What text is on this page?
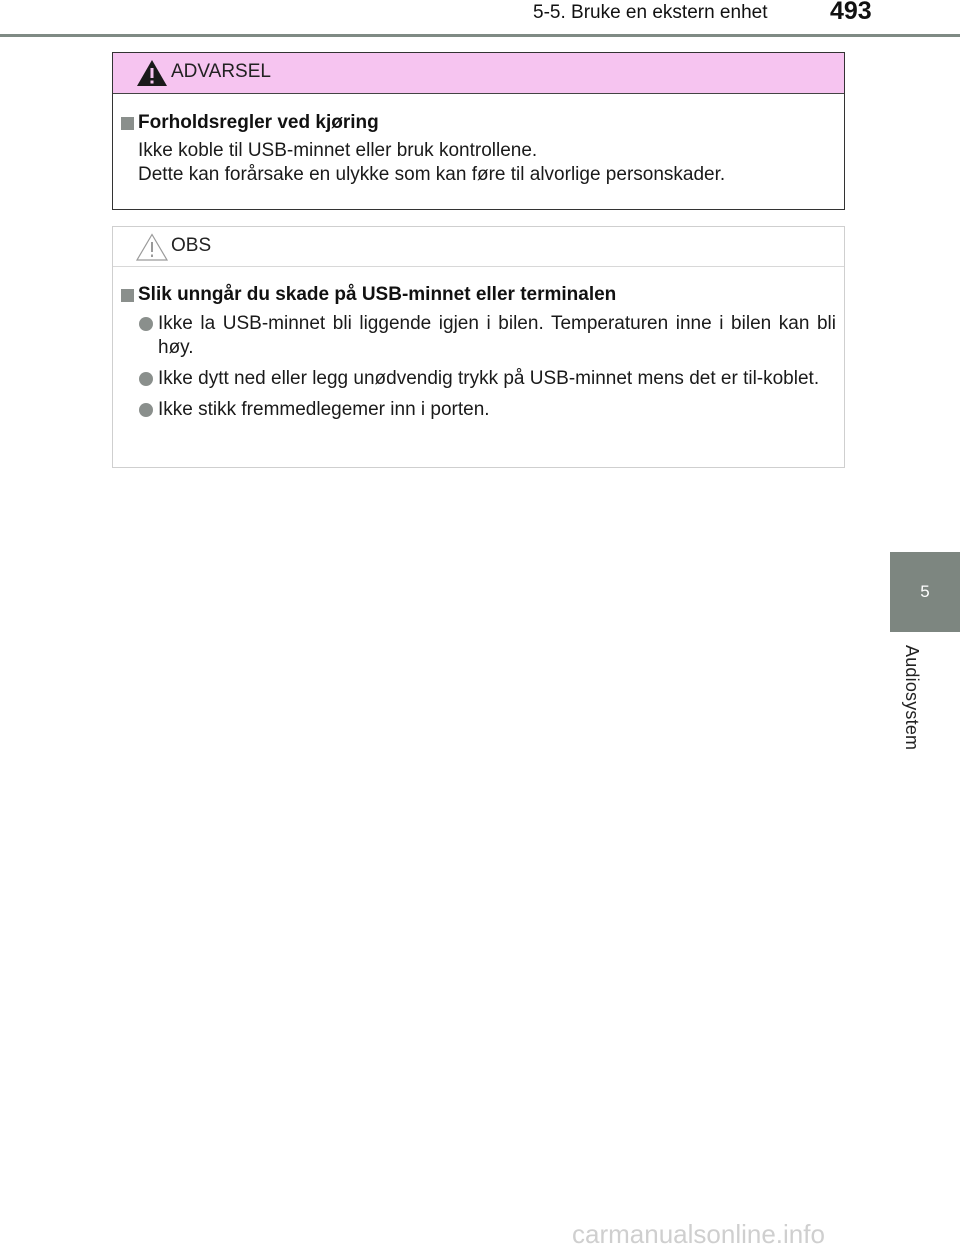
5-5. Bruke en ekstern enhet	493
5
Audiosystem
ADVARSEL
Forholdsregler ved kjøring
Ikke koble til USB-minnet eller bruk kontrollene.
Dette kan forårsake en ulykke som kan føre til alvorlige personskader.
OBS
Slik unngår du skade på USB-minnet eller terminalen
Ikke la USB-minnet bli liggende igjen i bilen. Temperaturen inne i bilen kan bli høy.
Ikke dytt ned eller legg unødvendig trykk på USB-minnet mens det er til-koblet.
Ikke stikk fremmedlegemer inn i porten.
carmanualsonline.info
